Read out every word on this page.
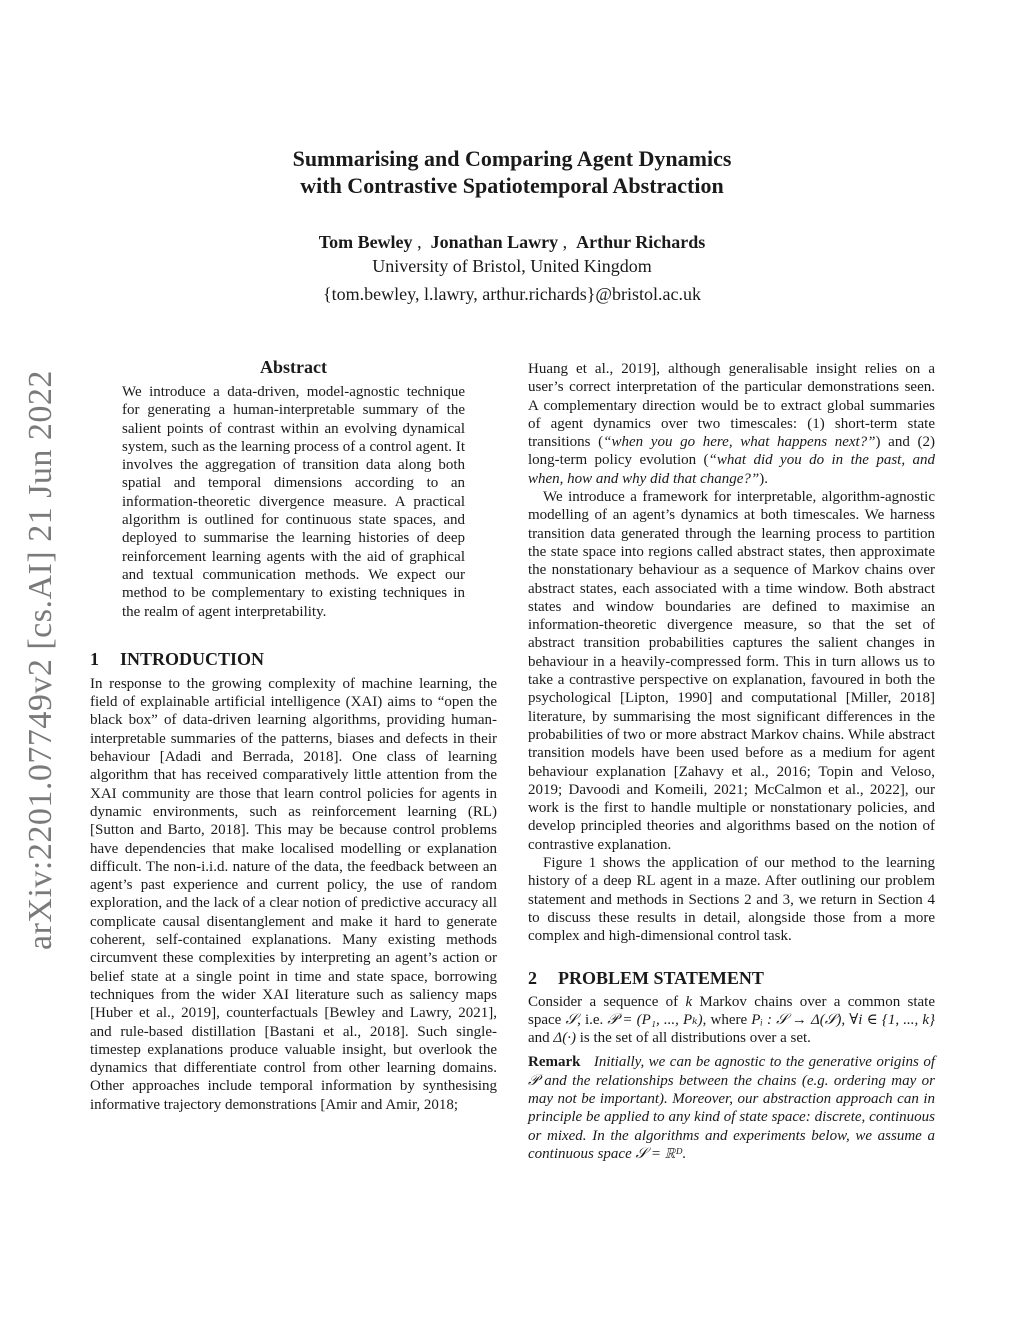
arXiv:2201.07749v2 [cs.AI] 21 Jun 2022
Summarising and Comparing Agent Dynamics
with Contrastive Spatiotemporal Abstraction
Tom Bewley ,  Jonathan Lawry ,  Arthur Richards
University of Bristol, United Kingdom
{tom.bewley, l.lawry, arthur.richards}@bristol.ac.uk
Abstract

We introduce a data-driven, model-agnostic technique for generating a human-interpretable summary of the salient points of contrast within an evolving dynamical system, such as the learning process of a control agent. It involves the aggregation of transition data along both spatial and temporal dimensions according to an information-theoretic divergence measure. A practical algorithm is outlined for continuous state spaces, and deployed to summarise the learning histories of deep reinforcement learning agents with the aid of graphical and textual communication methods. We expect our method to be complementary to existing techniques in the realm of agent interpretability.

1 INTRODUCTION

In response to the growing complexity of machine learning, the field of explainable artificial intelligence (XAI) aims to “open the black box” of data-driven learning algorithms, providing human-interpretable summaries of the patterns, biases and defects in their behaviour [Adadi and Berrada, 2018]. One class of learning algorithm that has received comparatively little attention from the XAI community are those that learn control policies for agents in dynamic environments, such as reinforcement learning (RL) [Sutton and Barto, 2018]. This may be because control problems have dependencies that make localised modelling or explanation difficult. The non-i.i.d. nature of the data, the feedback between an agent’s past experience and current policy, the use of random exploration, and the lack of a clear notion of predictive accuracy all complicate causal disentanglement and make it hard to generate coherent, self-contained explanations. Many existing methods circumvent these complexities by interpreting an agent’s action or belief state at a single point in time and state space, borrowing techniques from the wider XAI literature such as saliency maps [Huber et al., 2019], counterfactuals [Bewley and Lawry, 2021], and rule-based distillation [Bastani et al., 2018]. Such single-timestep explanations produce valuable insight, but overlook the dynamics that differentiate control from other learning domains. Other approaches include temporal information by synthesising informative trajectory demonstrations [Amir and Amir, 2018;

Huang et al., 2019], although generalisable insight relies on a user’s correct interpretation of the particular demonstrations seen. A complementary direction would be to extract global summaries of agent dynamics over two timescales: (1) short-term state transitions (“when you go here, what happens next?”) and (2) long-term policy evolution (“what did you do in the past, and when, how and why did that change?”).

We introduce a framework for interpretable, algorithm-agnostic modelling of an agent’s dynamics at both timescales. We harness transition data generated through the learning process to partition the state space into regions called abstract states, then approximate the nonstationary behaviour as a sequence of Markov chains over abstract states, each associated with a time window. Both abstract states and window boundaries are defined to maximise an information-theoretic divergence measure, so that the set of abstract transition probabilities captures the salient changes in behaviour in a heavily-compressed form. This in turn allows us to take a contrastive perspective on explanation, favoured in both the psychological [Lipton, 1990] and computational [Miller, 2018] literature, by summarising the most significant differences in the probabilities of two or more abstract Markov chains. While abstract transition models have been used before as a medium for agent behaviour explanation [Zahavy et al., 2016; Topin and Veloso, 2019; Davoodi and Komeili, 2021; McCalmon et al., 2022], our work is the first to handle multiple or nonstationary policies, and develop principled theories and algorithms based on the notion of contrastive explanation.

Figure 1 shows the application of our method to the learning history of a deep RL agent in a maze. After outlining our problem statement and methods in Sections 2 and 3, we return in Section 4 to discuss these results in detail, alongside those from a more complex and high-dimensional control task.

2 PROBLEM STATEMENT

Consider a sequence of k Markov chains over a common state space 𝒮, i.e. 𝒫 = (P₁, ..., Pₖ), where Pᵢ : 𝒮 → Δ(𝒮), ∀i ∈ {1, ..., k} and Δ(·) is the set of all distributions over a set.

Remark Initially, we can be agnostic to the generative origins of 𝒫 and the relationships between the chains (e.g. ordering may or may not be important). Moreover, our abstraction approach can in principle be applied to any kind of state space: discrete, continuous or mixed. In the algorithms and experiments below, we assume a continuous space 𝒮 = ℝᴰ.
